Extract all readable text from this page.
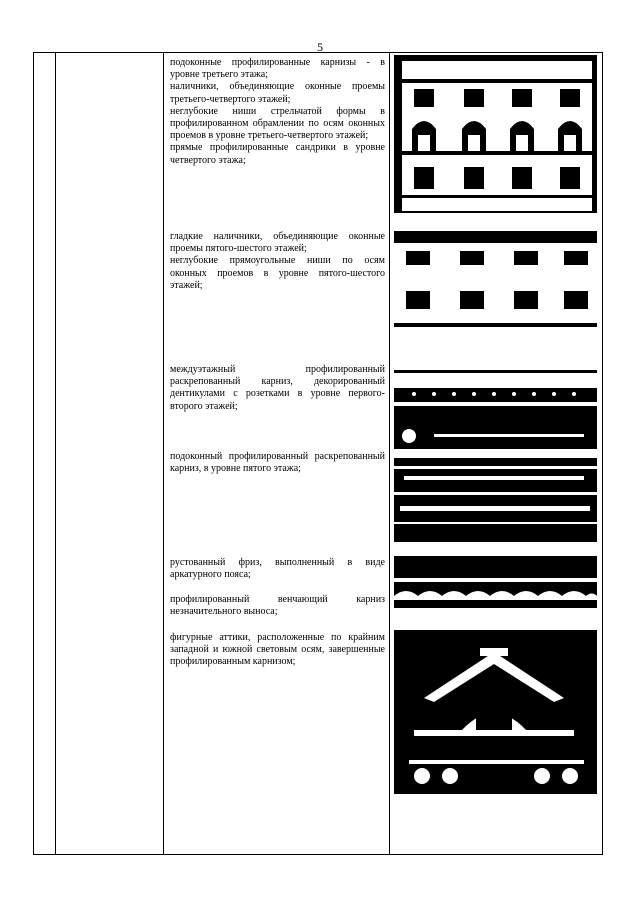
5

подоконные профилированные карнизы - в уровне третьего этажа;

наличники, объединяющие оконные проемы третьего-четвертого этажей;

неглубокие ниши стрельчатой формы в профилированном обрамлении по осям оконных проемов в уровне третьего-четвертого этажей;

прямые профилированные сандрики в уровне четвертого этажа;

гладкие наличники, объединяющие оконные проемы пятого-шестого этажей;

неглубокие прямоугольные ниши по осям оконных проемов в уровне пятого-шестого этажей;

междуэтажный профилированный раскрепованный карниз, декорированный дентикулами с розетками в уровне первого-второго этажей;

подоконный профилированный раскрепованный карниз, в уровне пятого этажа;

рустованный фриз, выполненный в виде аркатурного пояса;

профилированный венчающий карниз незначительного выноса;

фигурные аттики, расположенные по крайним западной и южной световым осям, завершенные профилированным карнизом;
